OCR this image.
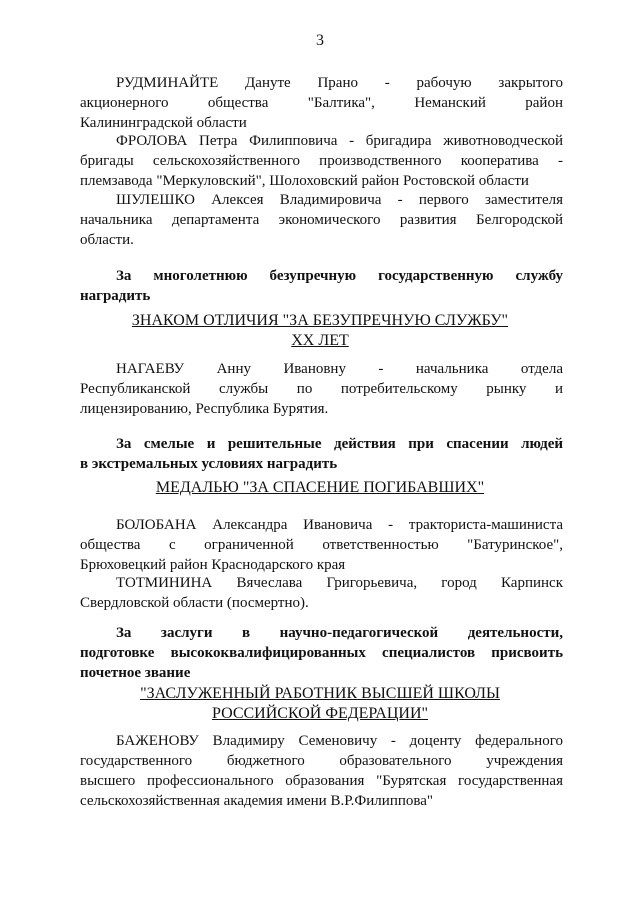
3

РУДМИНАЙТЕ Данутe Прано - рабочую закрытого
акционерного общества "Балтика", Неманский район
Калининградской области

ФРОЛОВА Петра Филипповича - бригадира животноводческой
бригады сельскохозяйственного производственного кооператива -
племзавода "Меркуловский", Шолоховский район Ростовской области

ШУЛЕШКО Алексея Владимировича - первого заместителя
начальника департамента экономического развития Белгородской
области.

За многолетнюю безупречную государственную службу
наградить

ЗНАКОМ ОТЛИЧИЯ "ЗА БЕЗУПРЕЧНУЮ СЛУЖБУ"
XX ЛЕТ

НАГАЕВУ Анну Ивановну - начальника отдела
Республиканской службы по потребительскому рынку и
лицензированию, Республика Бурятия.

За смелые и решительные действия при спасении людей
в экстремальных условиях наградить

МЕДАЛЬЮ "ЗА СПАСЕНИЕ ПОГИБАВШИХ"

БОЛОБАНА Александра Ивановича - тракториста-машиниста
общества с ограниченной ответственностью "Батуринское",
Брюховецкий район Краснодарского края

ТОТМИНИНА Вячеслава Григорьевича, город Карпинск
Свердловской области (посмертно).

За заслуги в научно-педагогической деятельности,
подготовке высококвалифицированных специалистов присвоить
почетное звание

"ЗАСЛУЖЕННЫЙ РАБОТНИК ВЫСШЕЙ ШКОЛЫ
РОССИЙСКОЙ ФЕДЕРАЦИИ"

БАЖЕНОВУ Владимиру Семеновичу - доценту федерального
государственного бюджетного образовательного учреждения
высшего профессионального образования "Бурятская государственная
сельскохозяйственная академия имени В.Р.Филиппова"
